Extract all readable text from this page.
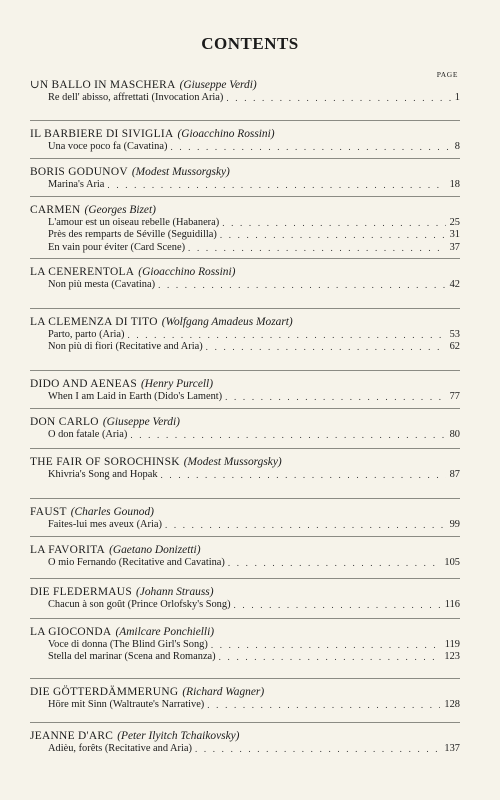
CONTENTS
PAGE
∪N BALLO IN MASCHERA (Giuseppe Verdi)
Re dell' abisso, affrettati (Invocation Aria) . . .	1
IL BARBIERE DI SIVIGLIA (Gioacchino Rossini)
Una voce poco fa (Cavatina) . . .	8
BORIS GODUNOV (Modest Mussorgsky)
Marina's Aria . . .	18
CARMEN (Georges Bizet)
L'amour est un oiseau rebelle (Habanera) . . .	25
Près des remparts de Séville (Seguidilla) . . .	31
En vain pour éviter (Card Scene) . . .	37
LA CENERENTOLA (Gioacchino Rossini)
Non più mesta (Cavatina) . . .	42
LA CLEMENZA DI TITO (Wolfgang Amadeus Mozart)
Parto, parto (Aria) . . .	53
Non più di fiori (Recitative and Aria) . . .	62
DIDO AND AENEAS (Henry Purcell)
When I am Laid in Earth (Dido's Lament) . . .	77
DON CARLO (Giuseppe Verdi)
O don fatale (Aria) . . .	80
THE FAIR OF SOROCHINSK (Modest Mussorgsky)
Khivria's Song and Hopak . . .	87
FAUST (Charles Gounod)
Faites-lui mes aveux (Aria) . . .	99
LA FAVORITA (Gaetano Donizetti)
O mio Fernando (Recitative and Cavatina) . . .	105
DIE FLEDERMAUS (Johann Strauss)
Chacun à son goût (Prince Orlofsky's Song) . . .	116
LA GIOCONDA (Amilcare Ponchielli)
Voce di donna (The Blind Girl's Song) . . .	119
Stella del marinar (Scena and Romanza) . . .	123
DIE GÖTTERDÄMMERUNG (Richard Wagner)
Höre mit Sinn (Waltraute's Narrative) . . .	128
JEANNE D'ARC (Peter Ilyitch Tchaikovsky)
Adièu, forêts (Recitative and Aria) . . .	137
